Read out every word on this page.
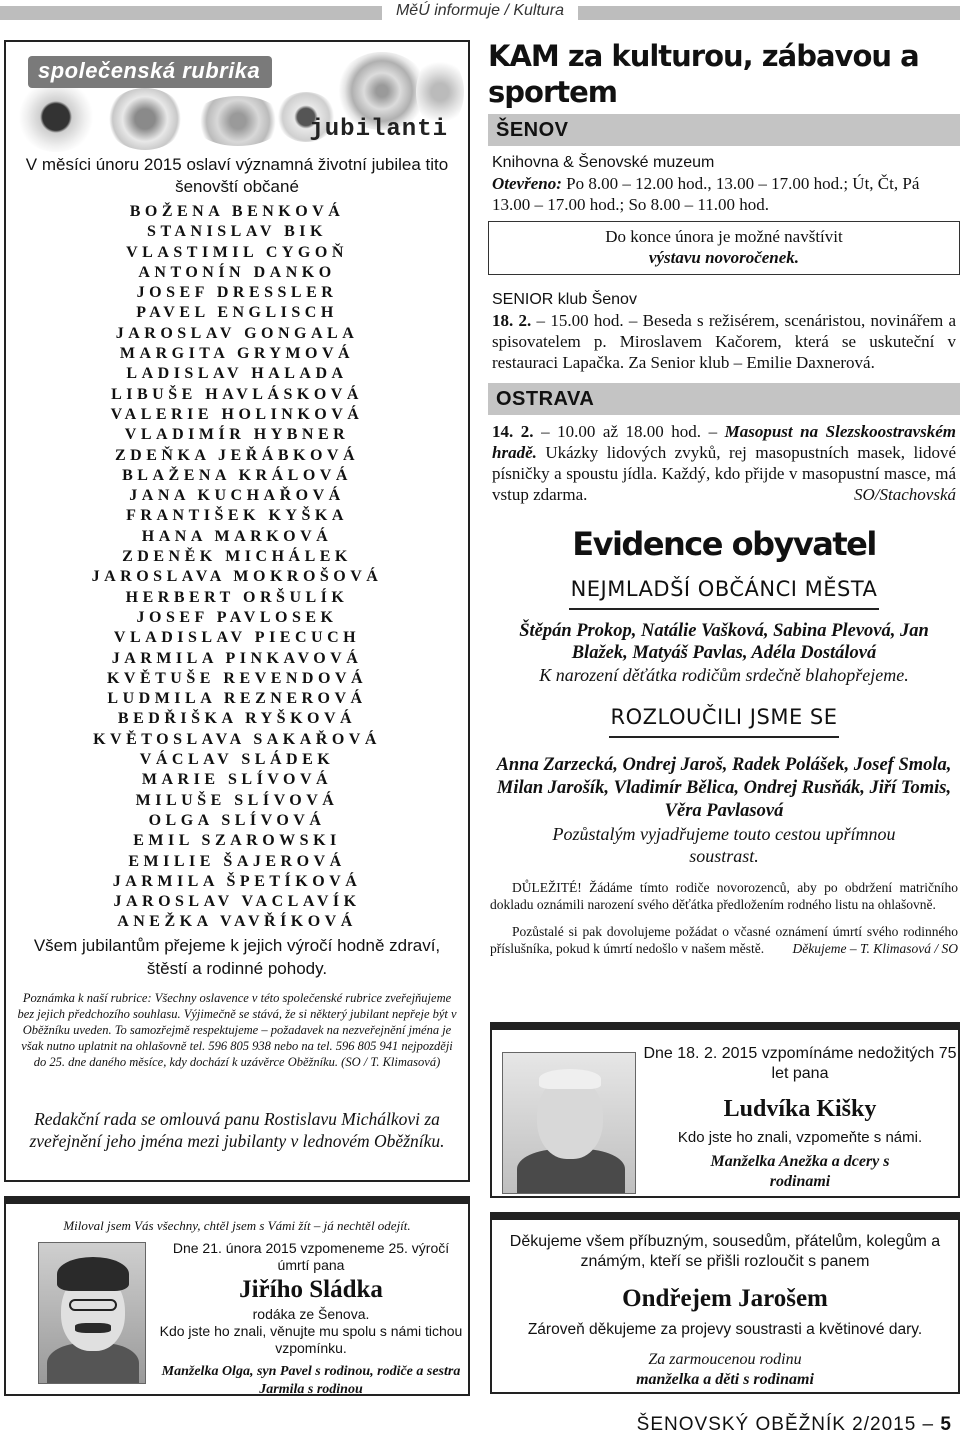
MěÚ informuje / Kultura
společenská rubrika
jubilanti
V měsíci únoru 2015 oslaví významná životní jubilea tito šenovští občané
BOŽENA BENKOVÁ
STANISLAV BIK
VLASTIMIL CYGOŇ
ANTONÍN DANKO
JOSEF DRESSLER
PAVEL ENGLISCH
JAROSLAV GONGALA
MARGITA GRYMOVÁ
LADISLAV HALADA
LIBUŠE HAVLÁSKOVÁ
VALERIE HOLINKOVÁ
VLADIMÍR HYBNER
ZDEŇKA JEŘÁBKOVÁ
BLAŽENA KRÁLOVÁ
JANA KUCHAŘOVÁ
FRANTIŠEK KYŠKA
HANA MARKOVÁ
ZDENĚK MICHÁLEK
JAROSLAVA MOKROŠOVÁ
HERBERT ORŠULÍK
JOSEF PAVLOSEK
VLADISLAV PIECUCH
JARMILA PINKAVOVÁ
KVĚTUŠE REVENDOVÁ
LUDMILA REZNEROVÁ
BEDŘIŠKA RYŠKOVÁ
KVĚTOSLAVA SAKAŘOVÁ
VÁCLAV SLÁDEK
MARIE SLÍVOVÁ
MILUŠE SLÍVOVÁ
OLGA SLÍVOVÁ
EMIL SZAROWSKI
EMILIE ŠAJEROVÁ
JARMILA ŠPETÍKOVÁ
JAROSLAV VACLAVÍK
ANEŽKA VAVŘÍKOVÁ
Všem jubilantům přejeme k jejich výročí hodně zdraví, štěstí a rodinné pohody.
Poznámka k naší rubrice: Všechny oslavence v této společenské rubrice zveřejňujeme bez jejich předchozího souhlasu. Výjimečně se stává, že si některý jubilant nepřeje být v Oběžníku uveden. To samozřejmě respektujeme – požadavek na nezveřejnění jména je však nutno uplatnit na ohlašovně tel. 596 805 938 nebo na tel. 596 805 941 nejpozději do 25. dne daného měsíce, kdy dochází k uzávěrce Oběžníku. (SO / T. Klimasová)
Redakční rada se omlouvá panu Rostislavu Michálkovi za zveřejnění jeho jména mezi jubilanty v lednovém Oběžníku.
Miloval jsem Vás všechny, chtěl jsem s Vámi žít – já nechtěl odejít.
Dne 21. února 2015 vzpomeneme 25. výročí úmrtí pana
Jiřího Sládka
rodáka ze Šenova.
Kdo jste ho znali, věnujte mu spolu s námi tichou vzpomínku.
Manželka Olga, syn Pavel s rodinou, rodiče a sestra Jarmila s rodinou
KAM za kulturou, zábavou a sportem
ŠENOV
Knihovna & Šenovské muzeum
Otevřeno: Po 8.00 – 12.00 hod., 13.00 – 17.00 hod.; Út, Čt, Pá 13.00 – 17.00 hod.; So 8.00 – 11.00 hod.
Do konce února je možné navštívit
výstavu novoročenek.
SENIOR klub Šenov
18. 2. – 15.00 hod. – Beseda s režisérem, scenáristou, novinářem a spisovatelem p. Miroslavem Kačorem, která se uskuteční v restauraci Lapačka. Za Senior klub – Emilie Daxnerová.
OSTRAVA
14. 2. – 10.00 až 18.00 hod. – Masopust na Slezskoostravském hradě. Ukázky lidových zvyků, rej masopustních masek, lidové písničky a spoustu jídla. Každý, kdo přijde v masopustní masce, má vstup zdarma.	SO/Stachovská
Evidence obyvatel
NEJMLADŠÍ OBČÁNCI MĚSTA
Štěpán Prokop, Natálie Vašková, Sabina Plevová, Jan Blažek, Matyáš Pavlas, Adéla Dostálová
K narození děťátka rodičům srdečně blahopřejeme.
ROZLOUČILI JSME SE
Anna Zarzecká, Ondrej Jaroš, Radek Polášek, Josef Smola, Milan Jarošík, Vladimír Bělica, Ondrej Rusňák, Jiří Tomis, Věra Pavlasová
Pozůstalým vyjadřujeme touto cestou upřímnou soustrast.
DŮLEŽITÉ! Žádáme tímto rodiče novorozenců, aby po obdržení matričního dokladu oznámili narození svého děťátka předložením rodného listu na ohlašovně.
Pozůstalé si pak dovolujeme požádat o včasné oznámení úmrtí svého rodinného příslušníka, pokud k úmrtí nedošlo v našem městě.	Děkujeme – T. Klimasová / SO
Dne 18. 2. 2015 vzpomínáme nedožitých 75 let pana
Ludvíka Kišky
Kdo jste ho znali, vzpomeňte s námi.
Manželka Anežka a dcery s rodinami
Děkujeme všem příbuzným, sousedům, přátelům, kolegům a známým, kteří se přišli rozloučit s panem
Ondřejem Jarošem
Zároveň děkujeme za projevy soustrasti a květinové dary.
Za zarmoucenou rodinu
manželka a děti s rodinami
ŠENOVSKÝ OBĚŽNÍK 2/2015 – 5
